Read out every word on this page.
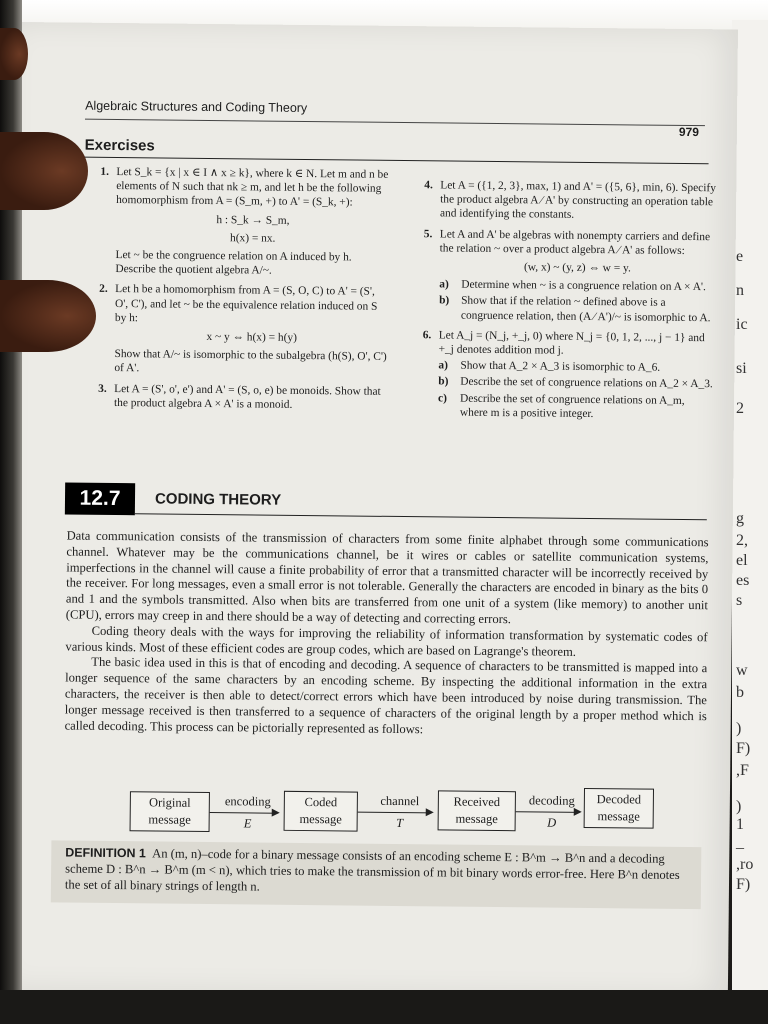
e
n
ic
si
2
g
2,
el
es
s
w
b
)
F)
,F
)
1
_
,ro
F)
Algebraic Structures and Coding Theory
979
Exercises
1. Let S_k = {x | x ∈ I ∧ x ≥ k}, where k ∈ N. Let m and n be elements of N such that nk ≥ m, and let h be the following homomorphism from A = (S_m, +) to A' = (S_k, +):

h : S_k → S_m,
h(x) = nx.

Let ~ be the congruence relation on A induced by h. Describe the quotient algebra A/~.

2. Let h be a homomorphism from A = (S, O, C) to A' = (S', O', C'), and let ~ be the equivalence relation induced on S by h:

x ~ y ⇔ h(x) = h(y)

Show that A/~ is isomorphic to the subalgebra (h(S), O', C') of A'.

3. Let A = (S', o', e') and A' = (S, o, e) be monoids. Show that the product algebra A × A' is a monoid.

4. Let A = ({1, 2, 3}, max, 1) and A' = ({5, 6}, min, 6). Specify the product algebra A ⁄ A' by constructing an operation table and identifying the constants.

5. Let A and A' be algebras with nonempty carriers and define the relation ~ over a product algebra A ⁄ A' as follows:

(w, x) ~ (y, z) ⇔ w = y.
a) Determine when ~ is a congruence relation on A × A'.
b) Show that if the relation ~ defined above is a congruence relation, then (A ⁄ A')/~ is isomorphic to A.
6. Let A_j = (N_j, +_j, 0) where N_j = {0, 1, 2, ..., j − 1} and +_j denotes addition mod j.

a) Show that A_2 × A_3 is isomorphic to A_6.
b) Describe the set of congruence relations on A_2 × A_3.
c) Describe the set of congruence relations on A_m, where m is a positive integer.
12.7	CODING THEORY

Data communication consists of the transmission of characters from some finite alphabet through some communications channel. Whatever may be the communications channel, be it wires or cables or satellite communication systems, imperfections in the channel will cause a finite probability of error that a transmitted character will be incorrectly received by the receiver. For long messages, even a small error is not tolerable. Generally the characters are encoded in binary as the bits 0 and 1 and the symbols transmitted. Also when bits are transferred from one unit of a system (like memory) to another unit (CPU), errors may creep in and there should be a way of detecting and correcting errors.

Coding theory deals with the ways for improving the reliability of information transformation by systematic codes of various kinds. Most of these efficient codes are group codes, which are based on Lagrange's theorem.

The basic idea used in this is that of encoding and decoding. A sequence of characters to be transmitted is mapped into a longer sequence of the same characters by an encoding scheme. By inspecting the additional information in the extra characters, the receiver is then able to detect/correct errors which have been introduced by noise during transmission. The longer message received is then transferred to a sequence of characters of the original length by a proper method which is called decoding. This process can be pictorially represented as follows:

Original
message
encoding
E
Coded
message
channel
T
Received
message
decoding
D
Decoded
message
DEFINITION 1 An (m, n)–code for a binary message consists of an encoding scheme E : B^m → B^n and a decoding scheme D : B^n → B^m (m < n), which tries to make the transmission of m bit binary words error-free. Here B^n denotes the set of all binary strings of length n.
